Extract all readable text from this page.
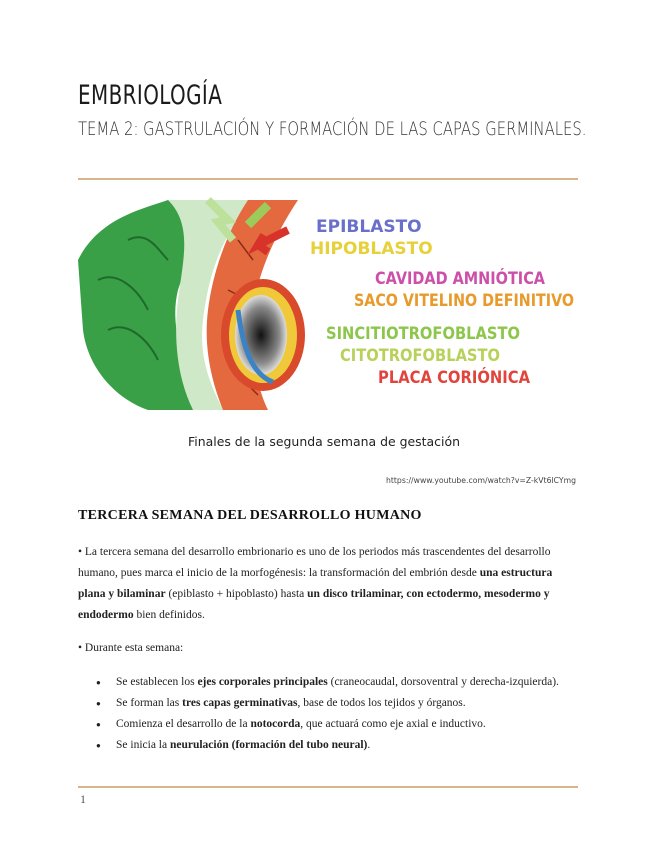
EMBRIOLOGÍA
TEMA 2: GASTRULACIÓN Y FORMACIÓN DE LAS CAPAS GERMINALES.
EPIBLASTO
HIPOBLASTO
CAVIDAD AMNIÓTICA
SACO VITELINO DEFINITIVO
SINCITIOTROFOBLASTO
CITOTROFOBLASTO
PLACA CORIÓNICA
Finales de la segunda semana de gestación
https://www.youtube.com/watch?v=Z-kVt6lCYmg
TERCERA SEMANA DEL DESARROLLO HUMANO
• La tercera semana del desarrollo embrionario es uno de los periodos más trascendentes del desarrollo humano, pues marca el inicio de la morfogénesis: la transformación del embrión desde una estructura plana y bilaminar (epiblasto + hipoblasto) hasta un disco trilaminar, con ectodermo, mesodermo y endodermo bien definidos.
• Durante esta semana:
● Se establecen los ejes corporales principales (craneocaudal, dorsoventral y derecha-izquierda).
● Se forman las tres capas germinativas, base de todos los tejidos y órganos.
● Comienza el desarrollo de la notocorda, que actuará como eje axial e inductivo.
● Se inicia la neurulación (formación del tubo neural).
1
